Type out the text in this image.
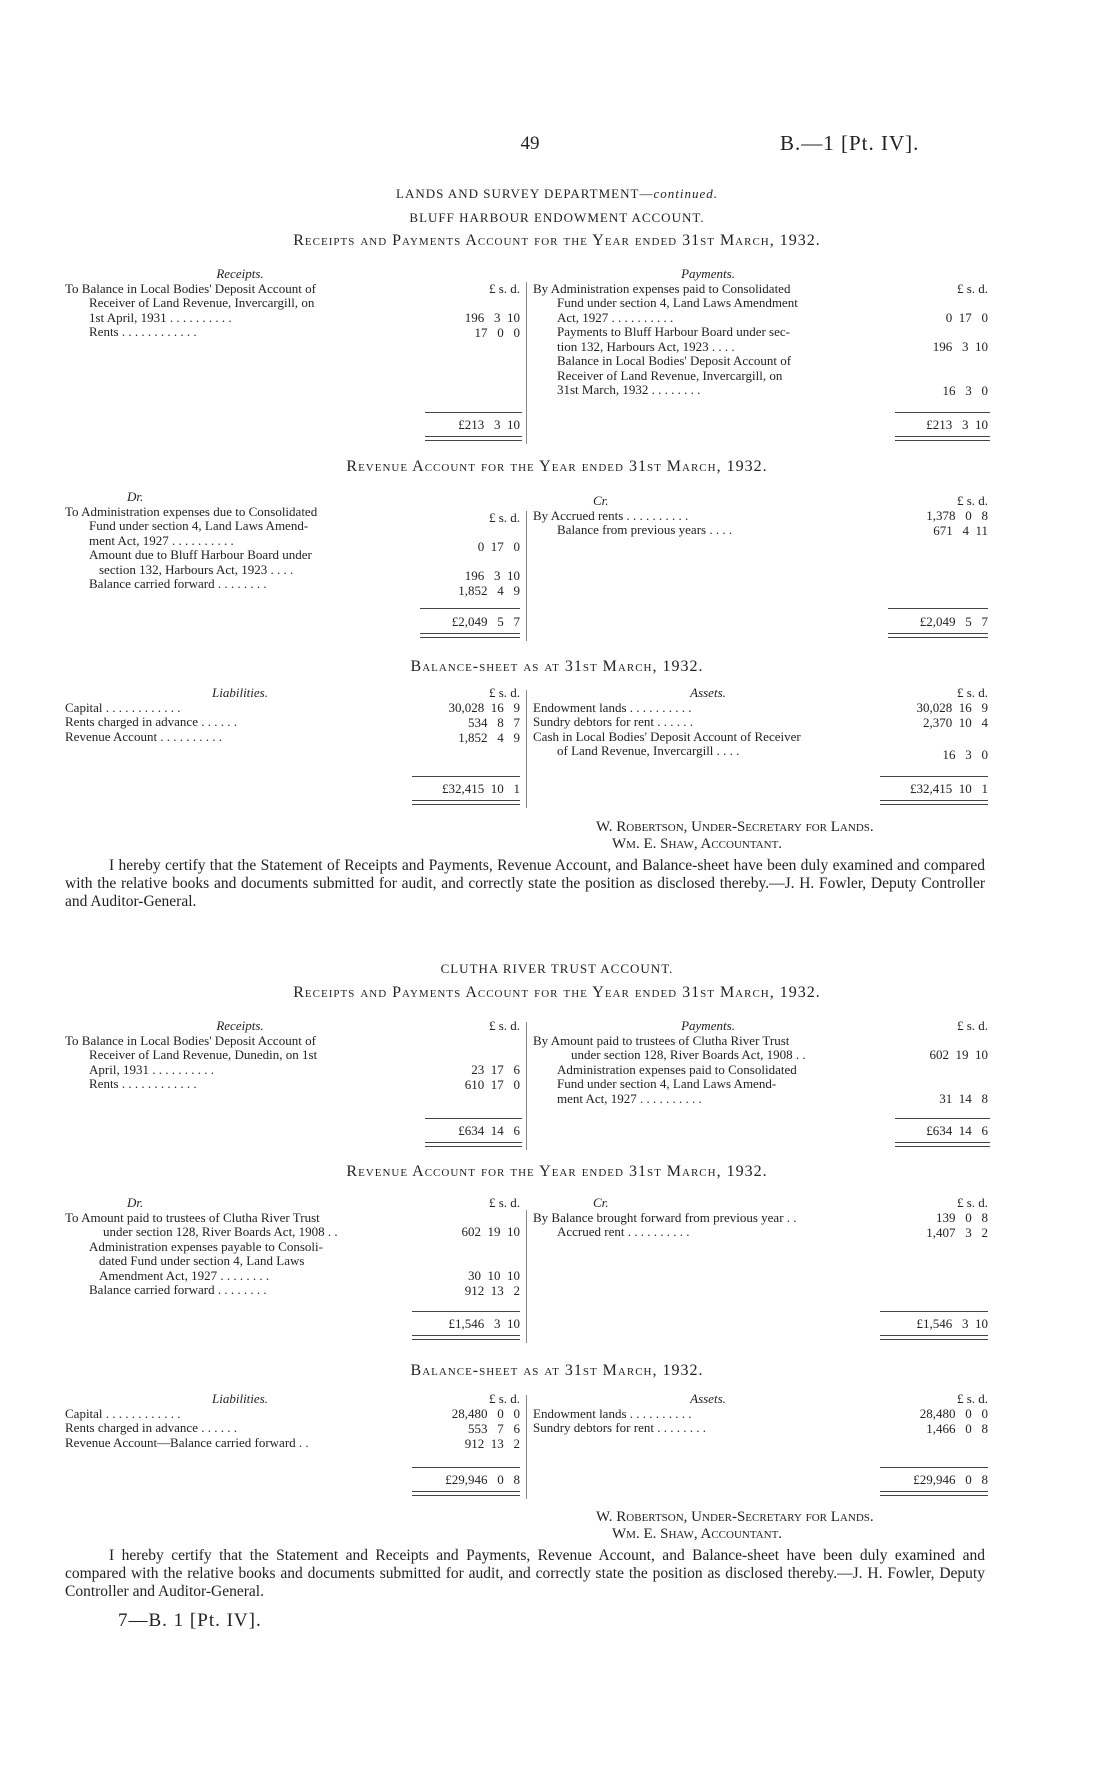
49	B.—1 [Pt. IV].
LANDS AND SURVEY DEPARTMENT—continued.
BLUFF HARBOUR ENDOWMENT ACCOUNT.
Receipts and Payments Account for the Year ended 31st March, 1932.
Receipts.
To Balance in Local Bodies' Deposit Account of
Receiver of Land Revenue, Invercargill, on
1st April, 1931 . . . . . . . . . .
Rents . . . . . . . . . . . .
£ s. d.
196   3  10
17   0   0
£213   3  10
Payments.
By Administration expenses paid to Consolidated
Fund under section 4, Land Laws Amendment
Act, 1927 . . . . . . . . . .
Payments to Bluff Harbour Board under sec-
tion 132, Harbours Act, 1923 . . . .
Balance in Local Bodies' Deposit Account of
Receiver of Land Revenue, Invercargill, on
31st March, 1932 . . . . . . . .
£ s. d.
0  17   0
196   3  10
16   3   0
£213   3  10
Revenue Account for the Year ended 31st March, 1932.
Dr.
To Administration expenses due to Consolidated
Fund under section 4, Land Laws Amend-
ment Act, 1927 . . . . . . . . . .
Amount due to Bluff Harbour Board under
section 132, Harbours Act, 1923 . . . .
Balance carried forward . . . . . . . .
£ s. d.
0  17   0
196   3  10
1,852   4   9
£2,049   5   7
Cr.
By Accrued rents . . . . . . . . . .
Balance from previous years . . . .
£ s. d.
1,378   0   8
671   4  11
£2,049   5   7
Balance-sheet as at 31st March, 1932.
Liabilities.
Capital . . . . . . . . . . . .
Rents charged in advance . . . . . .
Revenue Account . . . . . . . . . .
£ s. d.
30,028  16   9
534   8   7
1,852   4   9
£32,415  10   1
Assets.
Endowment lands . . . . . . . . . .
Sundry debtors for rent . . . . . .
Cash in Local Bodies' Deposit Account of Receiver
of Land Revenue, Invercargill . . . .
£ s. d.
30,028  16   9
2,370  10   4
16   3   0
£32,415  10   1
W. Robertson, Under-Secretary for Lands.
Wm. E. Shaw, Accountant.
I hereby certify that the Statement of Receipts and Payments, Revenue Account, and Balance-sheet have been duly examined and compared with the relative books and documents submitted for audit, and correctly state the position as disclosed thereby.—J. H. Fowler, Deputy Controller and Auditor-General.
CLUTHA RIVER TRUST ACCOUNT.
Receipts and Payments Account for the Year ended 31st March, 1932.
Receipts.
To Balance in Local Bodies' Deposit Account of
Receiver of Land Revenue, Dunedin, on 1st
April, 1931 . . . . . . . . . .
Rents . . . . . . . . . . . .
£ s. d.
23  17   6
610  17   0
£634  14   6
Payments.
By Amount paid to trustees of Clutha River Trust
under section 128, River Boards Act, 1908 . .
Administration expenses paid to Consolidated
Fund under section 4, Land Laws Amend-
ment Act, 1927 . . . . . . . . . .
£ s. d.
602  19  10
31  14   8
£634  14   6
Revenue Account for the Year ended 31st March, 1932.
Dr.
To Amount paid to trustees of Clutha River Trust
under section 128, River Boards Act, 1908 . .
Administration expenses payable to Consoli-
dated Fund under section 4, Land Laws
Amendment Act, 1927 . . . . . . . .
Balance carried forward . . . . . . . .
£ s. d.
602  19  10
30  10  10
912  13   2
£1,546   3  10
Cr.
By Balance brought forward from previous year . .
Accrued rent . . . . . . . . . .
£ s. d.
139   0   8
1,407   3   2
£1,546   3  10
Balance-sheet as at 31st March, 1932.
Liabilities.
Capital . . . . . . . . . . . .
Rents charged in advance . . . . . .
Revenue Account—Balance carried forward . .
£ s. d.
28,480   0   0
553   7   6
912  13   2
£29,946   0   8
Assets.
Endowment lands . . . . . . . . . .
Sundry debtors for rent . . . . . . . .
£ s. d.
28,480   0   0
1,466   0   8
£29,946   0   8
W. Robertson, Under-Secretary for Lands.
Wm. E. Shaw, Accountant.
I hereby certify that the Statement and Receipts and Payments, Revenue Account, and Balance-sheet have been duly examined and compared with the relative books and documents submitted for audit, and correctly state the position as disclosed thereby.—J. H. Fowler, Deputy Controller and Auditor-General.
7—B. 1 [Pt. IV].
